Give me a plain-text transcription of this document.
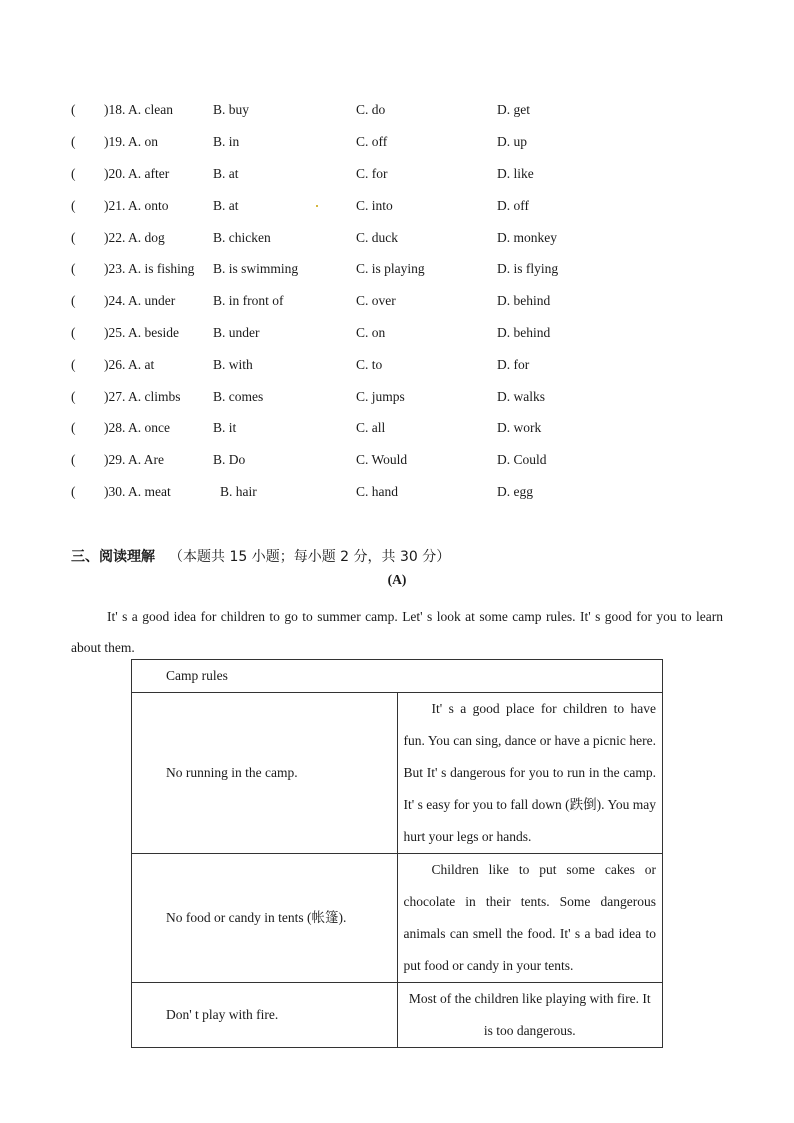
( )18. A. clean	B. buy	C. do	D. get
( )19. A. on	B. in	C. off	D. up
( )20. A. after	B. at	C. for	D. like
( )21. A. onto	B. at	C. into	D. off
( )22. A. dog	B. chicken	C. duck	D. monkey
( )23. A. is fishing B. is swimming	C. is playing	D. is flying
( )24. A. under	B. in front of	C. over	D. behind
( )25. A. beside	B. under	C. on	D. behind
( )26. A. at	B. with	C. to	D. for
( )27. A. climbs B. comes	C. jumps	D. walks
( )28. A. once	B. it	C. all	D. work
( )29. A. Are	B. Do	C. Would	D. Could
( )30. A. meat	B. hair	C. hand	D. egg
三、阅读理解 （本题共 15 小题；每小题 2 分，共 30 分）
(A)
It' s a good idea for children to go to summer camp. Let' s look at some camp rules. It' s good for you to learn about them.
Camp rules	
No running in the camp.	It' s a good place for children to have fun. You can sing, dance or have a picnic here. But It' s dangerous for you to run in the camp. It' s easy for you to fall down (跌倒). You may hurt your legs or hands.
No food or candy in tents (帐篷).	Children like to put some cakes or chocolate in their tents. Some dangerous animals can smell the food. It' s a bad idea to put food or candy in your tents.
Don' t play with fire.	Most of the children like playing with fire. It is too dangerous.
